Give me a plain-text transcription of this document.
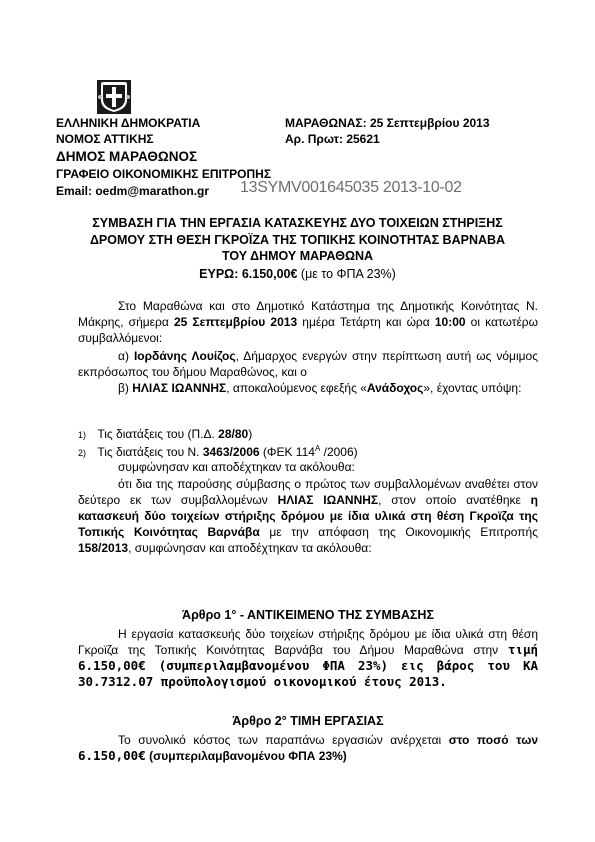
ΕΛΛΗΝΙΚΗ ΔΗΜΟΚΡΑΤΙΑ
ΝΟΜΟΣ ΑΤΤΙΚΗΣ
ΔΗΜΟΣ ΜΑΡΑΘΩΝΟΣ
ΓΡΑΦΕΙΟ ΟΙΚΟΝΟΜΙΚΗΣ ΕΠΙΤΡΟΠΗΣ
Email: oedm@marathon.gr
ΜΑΡΑΘΩΝΑΣ: 25 Σεπτεμβρίου 2013
Αρ. Πρωτ: 25621
13SYMV001645035 2013-10-02
ΣΥΜΒΑΣΗ ΓΙΑ ΤΗΝ ΕΡΓΑΣΙΑ ΚΑΤΑΣΚΕΥΗΣ ΔΥΟ ΤΟΙΧΕΙΩΝ ΣΤΗΡΙΞΗΣ
ΔΡΟΜΟΥ ΣΤΗ ΘΕΣΗ ΓΚΡΟΪΖΑ ΤΗΣ ΤΟΠΙΚΗΣ ΚΟΙΝΟΤΗΤΑΣ ΒΑΡΝΑΒΑ
ΤΟΥ ΔΗΜΟΥ ΜΑΡΑΘΩΝΑ
ΕΥΡΩ: 6.150,00€ (με το ΦΠΑ 23%)
Στο Μαραθώνα και στο Δημοτικό Κατάστημα της Δημοτικής Κοινότητας Ν. Μάκρης, σήμερα 25 Σεπτεμβρίου 2013 ημέρα Τετάρτη και ώρα 10:00 οι κατωτέρω συμβαλλόμενοι:
α) Ιορδάνης Λουίζος, Δήμαρχος ενεργών στην περίπτωση αυτή ως νόμιμος εκπρόσωπος του δήμου Μαραθώνος, και ο
β) ΗΛΙΑΣ ΙΩΑΝΝΗΣ, αποκαλούμενος εφεξής «Ανάδοχος», έχοντας υπόψη:
1) Τις διατάξεις του (Π.Δ. 28/80)
2) Τις διατάξεις του Ν. 3463/2006 (ΦΕΚ $114^A$ /2006)
συμφώνησαν και αποδέχτηκαν τα ακόλουθα:
ότι δια της παρούσης σύμβασης ο πρώτος των συμβαλλομένων αναθέτει στον δεύτερο εκ των συμβαλλομένων ΗΛΙΑΣ ΙΩΑΝΝΗΣ, στον οποίο ανατέθηκε η κατασκευή δύο τοιχείων στήριξης δρόμου με ίδια υλικά στη θέση Γκροϊζα της Τοπικής Κοινότητας Βαρνάβα με την απόφαση της Οικονομικής Επιτροπής 158/2013, συμφώνησαν και αποδέχτηκαν τα ακόλουθα:
Άρθρο 1° - ΑΝΤΙΚΕΙΜΕΝΟ ΤΗΣ ΣΥΜΒΑΣΗΣ
Η εργασία κατασκευής δύο τοιχείων στήριξης δρόμου με ίδια υλικά στη θέση Γκροϊζα της Τοπικής Κοινότητας Βαρνάβα του Δήμου Μαραθώνα στην τιμή 6.150,00€ (συμπεριλαμβανομένου ΦΠΑ 23%) εις βάρος του ΚΑ 30.7312.07 προϋπολογισμού οικονομικού έτους 2013.
Άρθρο 2° ΤΙΜΗ ΕΡΓΑΣΙΑΣ
Το συνολικό κόστος των παραπάνω εργασιών ανέρχεται στο ποσό των 6.150,00€ (συμπεριλαμβανομένου ΦΠΑ 23%)
